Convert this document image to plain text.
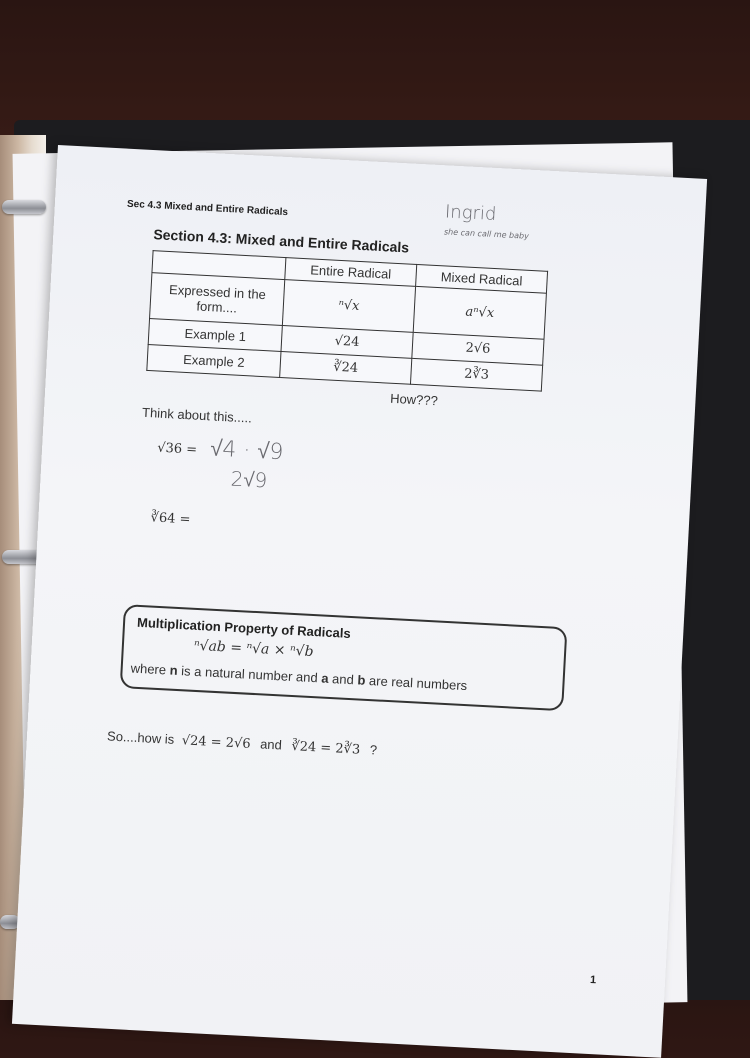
Sec 4.3 Mixed and Entire Radicals	Ingrid
she can call me baby
Section 4.3: Mixed and Entire Radicals
	Entire Radical	Mixed Radical
Expressed in the form....	ⁿ√x	aⁿ√x
Example 1	√24	2√6
Example 2	∛24	2∛3
How???
Think about this.....
√36 = √4 · √9
2√9
∛64 =
Multiplication Property of Radicals
ⁿ√ab = ⁿ√a × ⁿ√b
where n is a natural number and a and b are real numbers
So....how is √24 = 2√6 and ∛24 = 2∛3 ?
1
